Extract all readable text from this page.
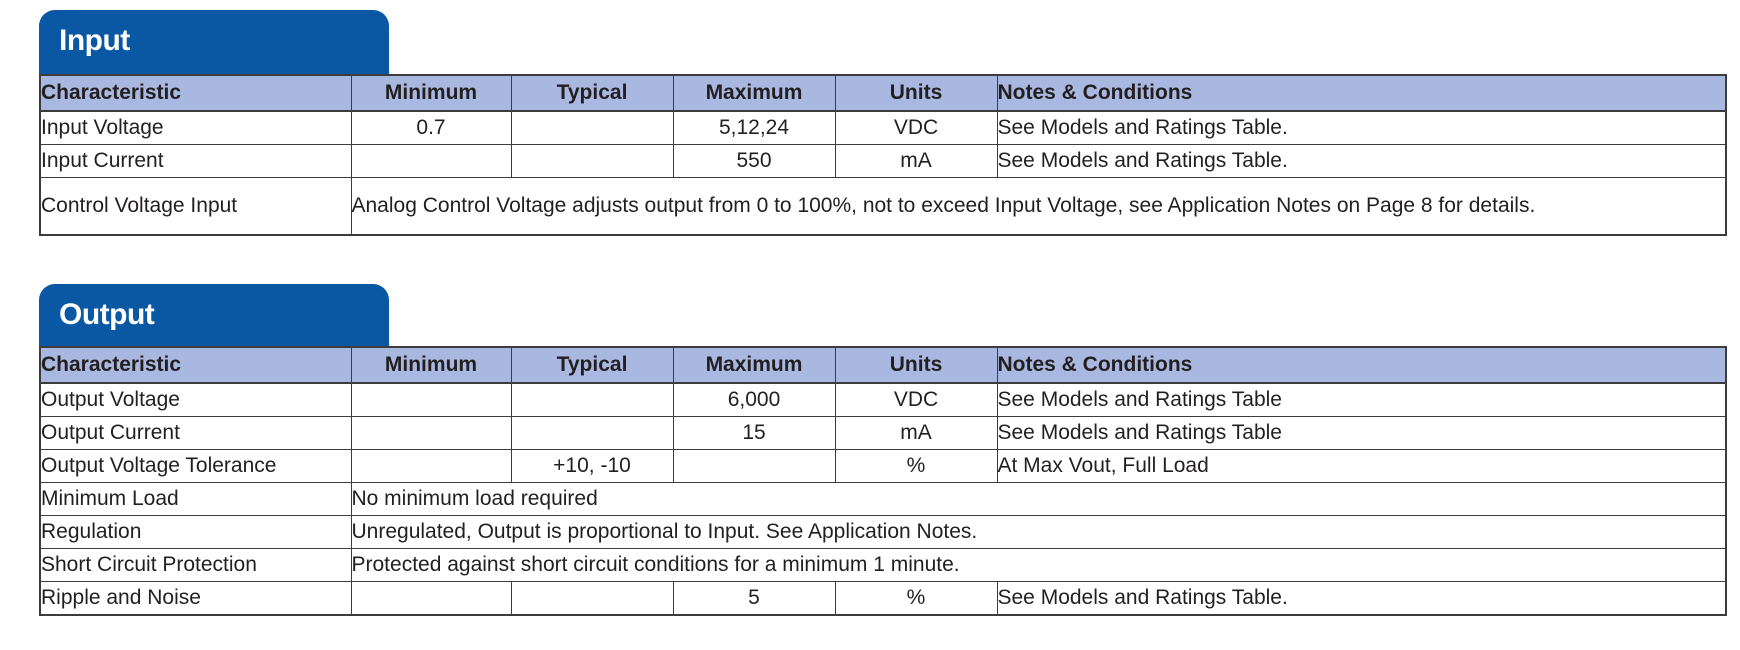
Input
Characteristic	Minimum	Typical	Maximum	Units	Notes & Conditions
Input Voltage	0.7		5,12,24	VDC	See Models and Ratings Table.
Input Current			550	mA	See Models and Ratings Table.
Control Voltage Input	Analog Control Voltage adjusts output from 0 to 100%, not to exceed Input Voltage, see Application Notes on Page 8 for details.				
Output
Characteristic	Minimum	Typical	Maximum	Units	Notes & Conditions
Output Voltage			6,000	VDC	See Models and Ratings Table
Output Current			15	mA	See Models and Ratings Table
Output Voltage Tolerance		+10, -10		%	At Max Vout, Full Load
Minimum Load	No minimum load required				
Regulation	Unregulated, Output is proportional to Input. See Application Notes.				
Short Circuit Protection	Protected against short circuit conditions for a minimum 1 minute.				
Ripple and Noise			5	%	See Models and Ratings Table.
